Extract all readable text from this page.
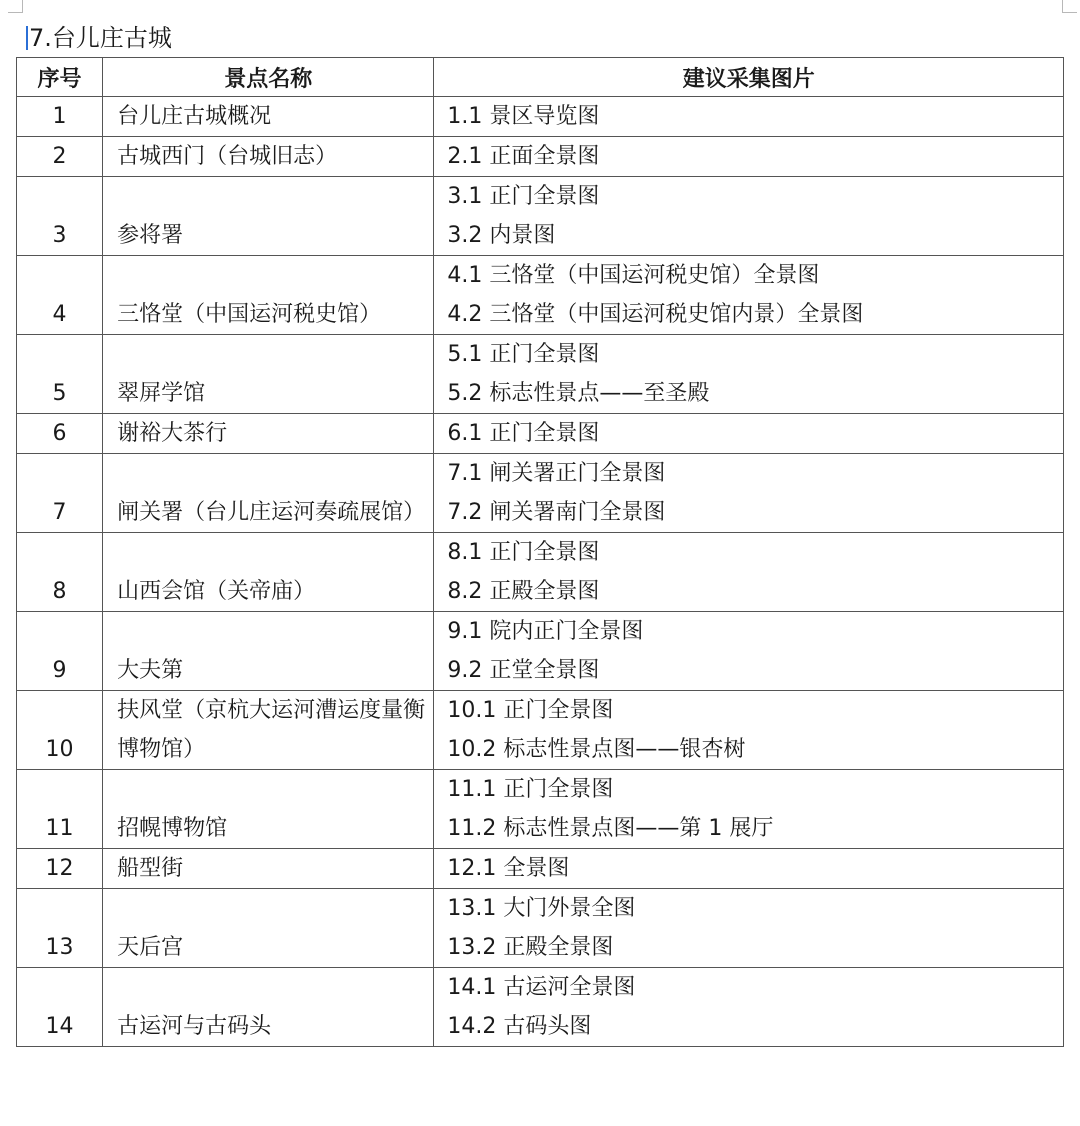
7.台儿庄古城
序号	景点名称	建议采集图片
1	台儿庄古城概况	1.1 景区导览图

2	古城西门（台城旧志）	2.1 正面全景图

3	参将署	3.1 正门全景图
3.2 内景图

4	三恪堂（中国运河税史馆）	4.1 三恪堂（中国运河税史馆）全景图
4.2 三恪堂（中国运河税史馆内景）全景图

5	翠屏学馆	5.1 正门全景图
5.2 标志性景点——至圣殿

6	谢裕大茶行	6.1 正门全景图

7	闸关署（台儿庄运河奏疏展馆）	7.1 闸关署正门全景图
7.2 闸关署南门全景图

8	山西会馆（关帝庙）	8.1 正门全景图
8.2 正殿全景图

9	大夫第	9.1 院内正门全景图
9.2 正堂全景图

10	扶风堂（京杭大运河漕运度量衡博物馆）	10.1 正门全景图
10.2 标志性景点图——银杏树

11	招幌博物馆	11.1 正门全景图
11.2 标志性景点图——第 1 展厅

12	船型街	12.1 全景图

13	天后宫	13.1 大门外景全图
13.2 正殿全景图

14	古运河与古码头	14.1 古运河全景图
14.2 古码头图
